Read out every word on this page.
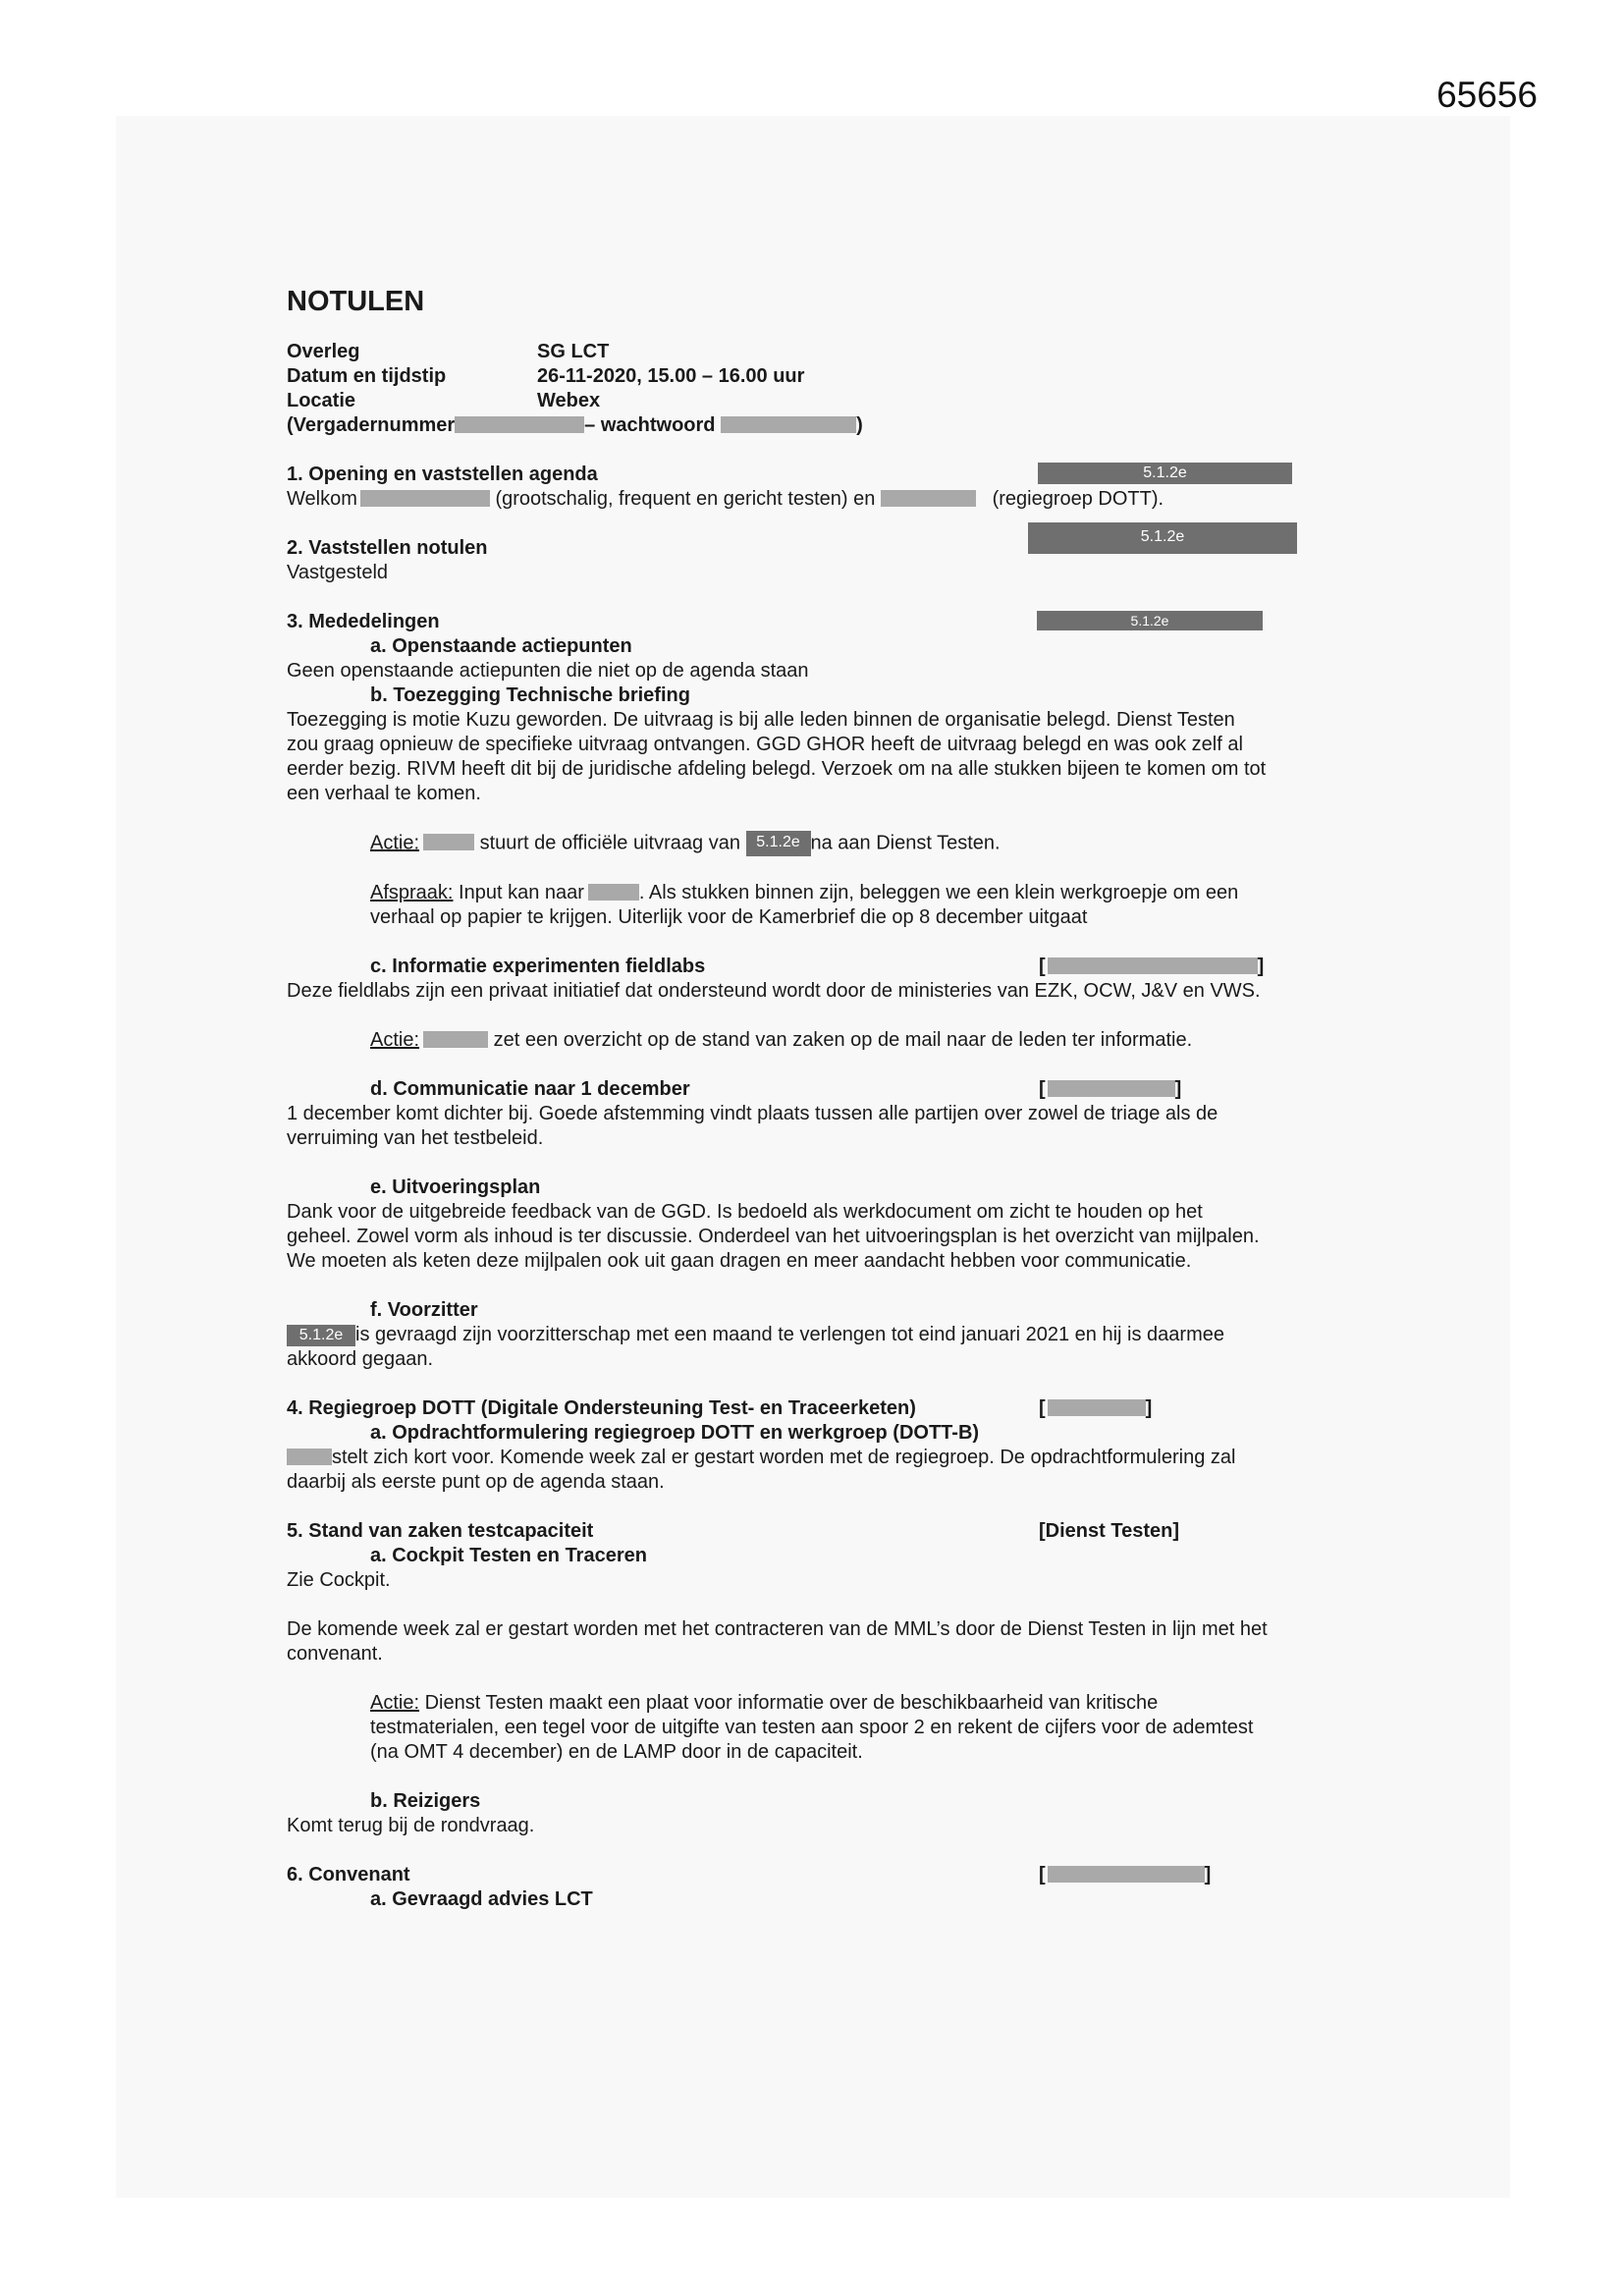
65656
NOTULEN
Overleg	SG LCT
Datum en tijdstip	26-11-2020, 15.00 – 16.00 uur
Locatie	Webex
(Vergadernummer	– wachtwoord	)
1. Opening en vaststellen agenda	5.1.2e
Welkom	(grootschalig, frequent en gericht testen) en	(regiegroep DOTT).
5.1.2e
2. Vaststellen notulen
Vastgesteld
5.1.2e
3. Mededelingen
a. Openstaande actiepunten
Geen openstaande actiepunten die niet op de agenda staan
b. Toezegging Technische briefing
Toezegging is motie Kuzu geworden. De uitvraag is bij alle leden binnen de organisatie belegd. Dienst Testen
zou graag opnieuw de specifieke uitvraag ontvangen. GGD GHOR heeft de uitvraag belegd en was ook zelf al
eerder bezig. RIVM heeft dit bij de juridische afdeling belegd. Verzoek om na alle stukken bijeen te komen om tot
een verhaal te komen.
Actie:	stuurt de officiële uitvraag van 5.1.2e na aan Dienst Testen.
Afspraak: Input kan naar	. Als stukken binnen zijn, beleggen we een klein werkgroepje om een
verhaal op papier te krijgen. Uiterlijk voor de Kamerbrief die op 8 december uitgaat
c. Informatie experimenten fieldlabs	[	]
Deze fieldlabs zijn een privaat initiatief dat ondersteund wordt door de ministeries van EZK, OCW, J&V en VWS.
Actie:	zet een overzicht op de stand van zaken op de mail naar de leden ter informatie.
d. Communicatie naar 1 december	[	]
1 december komt dichter bij. Goede afstemming vindt plaats tussen alle partijen over zowel de triage als de
verruiming van het testbeleid.
e. Uitvoeringsplan
Dank voor de uitgebreide feedback van de GGD. Is bedoeld als werkdocument om zicht te houden op het
geheel. Zowel vorm als inhoud is ter discussie. Onderdeel van het uitvoeringsplan is het overzicht van mijlpalen.
We moeten als keten deze mijlpalen ook uit gaan dragen en meer aandacht hebben voor communicatie.
f. Voorzitter
5.1.2e is gevraagd zijn voorzitterschap met een maand te verlengen tot eind januari 2021 en hij is daarmee
akkoord gegaan.
4. Regiegroep DOTT (Digitale Ondersteuning Test- en Traceerketen)	[	]
a. Opdrachtformulering regiegroep DOTT en werkgroep (DOTT-B)
stelt zich kort voor. Komende week zal er gestart worden met de regiegroep. De opdrachtformulering zal
daarbij als eerste punt op de agenda staan.
5. Stand van zaken testcapaciteit	[Dienst Testen]
a. Cockpit Testen en Traceren
Zie Cockpit.
De komende week zal er gestart worden met het contracteren van de MML’s door de Dienst Testen in lijn met het
convenant.
Actie: Dienst Testen maakt een plaat voor informatie over de beschikbaarheid van kritische
testmaterialen, een tegel voor de uitgifte van testen aan spoor 2 en rekent de cijfers voor de ademtest
(na OMT 4 december) en de LAMP door in de capaciteit.
b. Reizigers
Komt terug bij de rondvraag.
6. Convenant	[	]
a. Gevraagd advies LCT
